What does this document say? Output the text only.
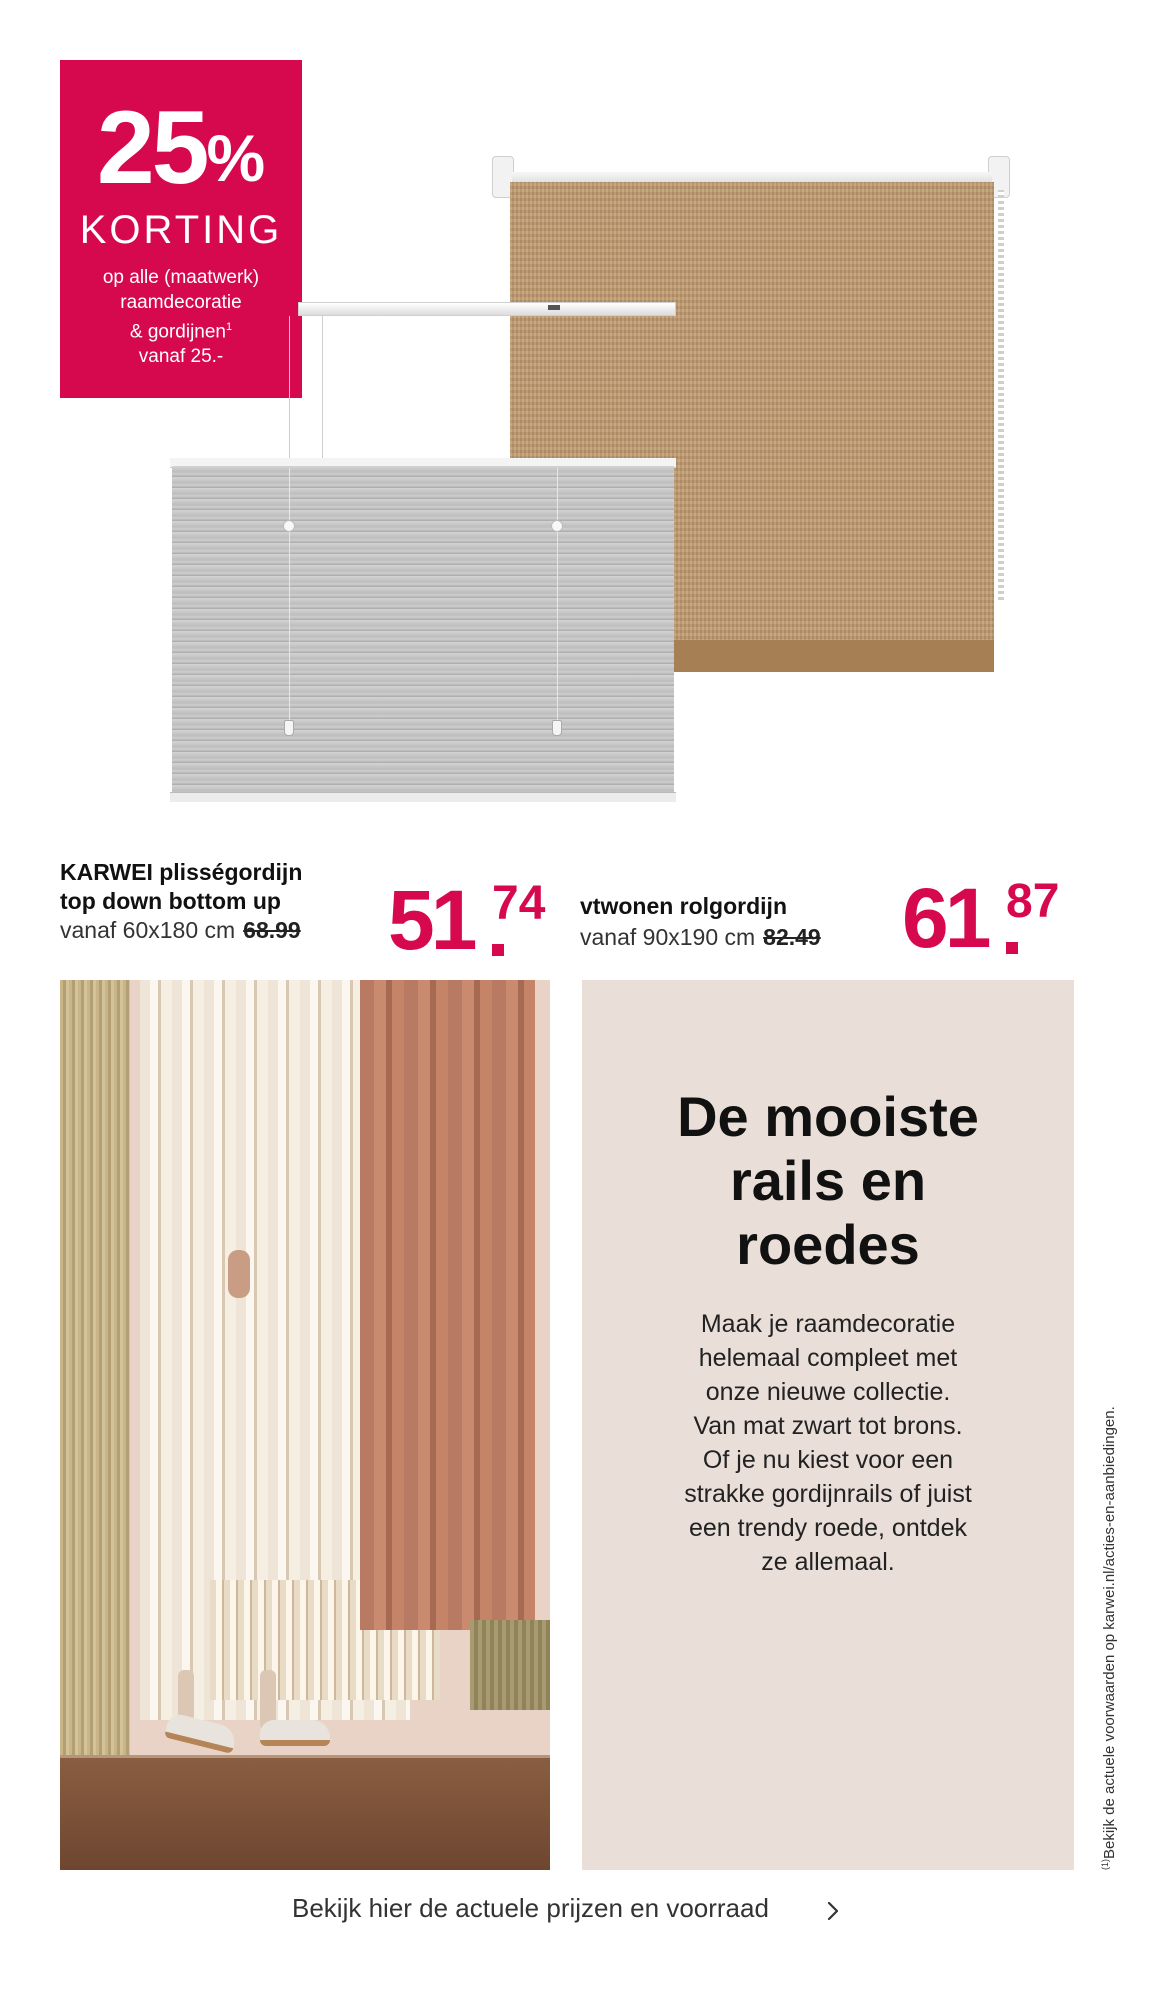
25%
KORTING
op alle (maatwerk)
raamdecoratie
& gordijnen$^1$
vanaf 25.-
KARWEI plisségordijn
top down bottom up
vanaf 60x180 cm 68.99 51 74 vtwonen rolgordijn
vanaf 90x190 cm 82.49 61 87
De mooiste
rails en
roedes
Maak je raamdecoratie
helemaal compleet met
onze nieuwe collectie.
Van mat zwart tot brons.
Of je nu kiest voor een
strakke gordijnrails of juist
een trendy roede, ontdek
ze allemaal.
$^{(1)}$Bekijk de actuele voorwaarden op karwei.nl/acties-en-aanbiedingen.
Bekijk hier de actuele prijzen en voorraad
